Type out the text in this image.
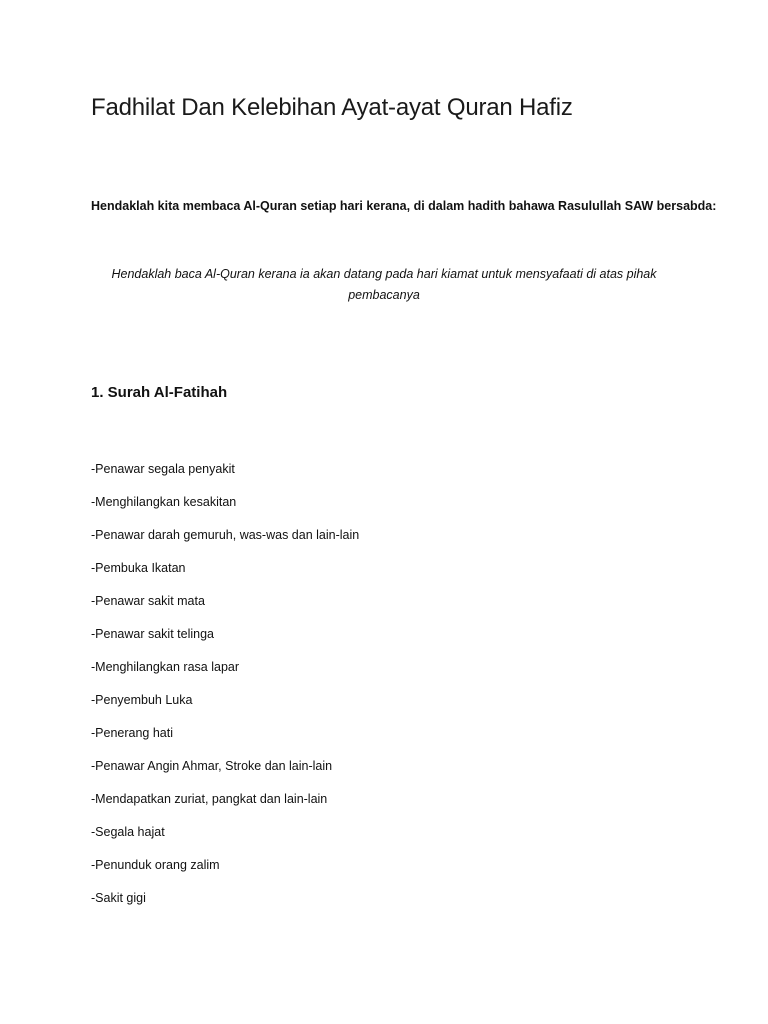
Fadhilat Dan Kelebihan Ayat-ayat Quran Hafiz

Hendaklah kita membaca Al-Quran setiap hari kerana, di dalam hadith bahawa Rasulullah SAW bersabda:

Hendaklah baca Al-Quran kerana ia akan datang pada hari kiamat untuk mensyafaati di atas pihak pembacanya

1. Surah Al-Fatihah
-Penawar segala penyakit
-Menghilangkan kesakitan
-Penawar darah gemuruh, was-was dan lain-lain
-Pembuka Ikatan
-Penawar sakit mata
-Penawar sakit telinga
-Menghilangkan rasa lapar
-Penyembuh Luka
-Penerang hati
-Penawar Angin Ahmar, Stroke dan lain-lain
-Mendapatkan zuriat, pangkat dan lain-lain
-Segala hajat
-Penunduk orang zalim
-Sakit gigi
